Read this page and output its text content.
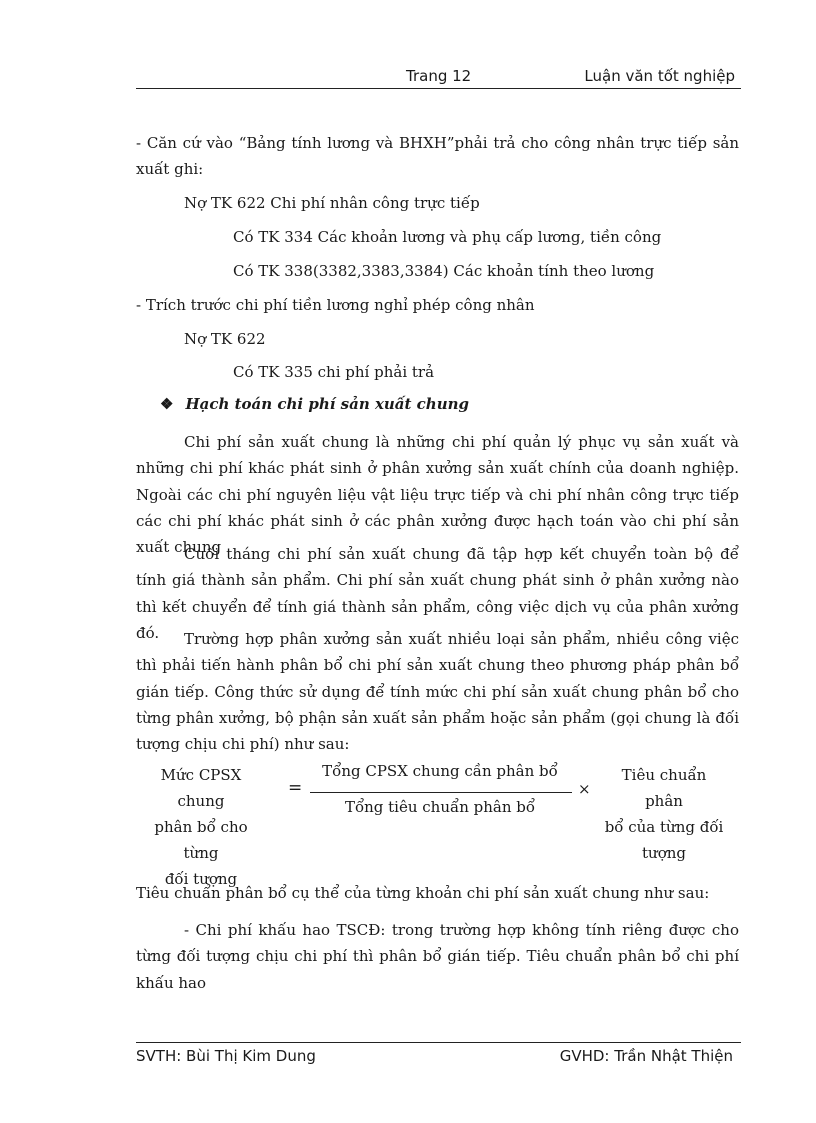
Trang 12	Luận văn tốt nghiệp
- Căn cứ vào “Bảng tính lương và BHXH”phải trả cho công nhân trực tiếp sản xuất ghi:
Nợ TK 622 Chi phí nhân công trực tiếp
Có TK 334 Các khoản lương và phụ cấp lương, tiền công
Có TK 338(3382,3383,3384) Các khoản tính theo lương
- Trích trước chi phí tiền lương nghỉ phép công nhân
Nợ TK 622
Có TK 335 chi phí phải trả
❖ Hạch toán chi phí sản xuất chung
Chi phí sản xuất chung là những chi phí quản lý phục vụ sản xuất và những chi phí khác phát sinh ở phân xưởng sản xuất chính của doanh nghiệp. Ngoài các chi phí nguyên liệu vật liệu trực tiếp và chi phí nhân công trực tiếp các chi phí khác phát sinh ở các phân xưởng được hạch toán vào chi phí sản xuất chung
Cuối tháng chi phí sản xuất chung đã tập hợp kết chuyển toàn bộ để tính giá thành sản phẩm. Chi phí sản xuất chung phát sinh ở phân xưởng nào thì kết chuyển để tính giá thành sản phẩm, công việc dịch vụ của phân xưởng đó.	Trường hợp phân xưởng sản xuất nhiều loại sản phẩm, nhiều công việc thì phải tiến hành phân bổ chi phí sản xuất chung theo phương pháp phân bổ gián tiếp. Công thức sử dụng để tính mức chi phí sản xuất chung phân bổ cho từng phân xưởng, bộ phận sản xuất sản phẩm hoặc sản phẩm (gọi chung là đối tượng chịu chi phí) như sau:
Mức CPSX chung
phân bổ cho từng
đối tượng
=
Tổng CPSX chung cần phân bổ
Tổng tiêu chuẩn phân bổ
×
Tiêu chuẩn phân
bổ của từng đối
tượng
Tiêu chuẩn phân bổ cụ thể của từng khoản chi phí sản xuất chung như sau:
- Chi phí khấu hao TSCĐ: trong trường hợp không tính riêng được cho từng đối tượng chịu chi phí thì phân bổ gián tiếp. Tiêu chuẩn phân bổ chi phí khấu hao
SVTH: Bùi Thị Kim Dung	GVHD: Trần Nhật Thiện
